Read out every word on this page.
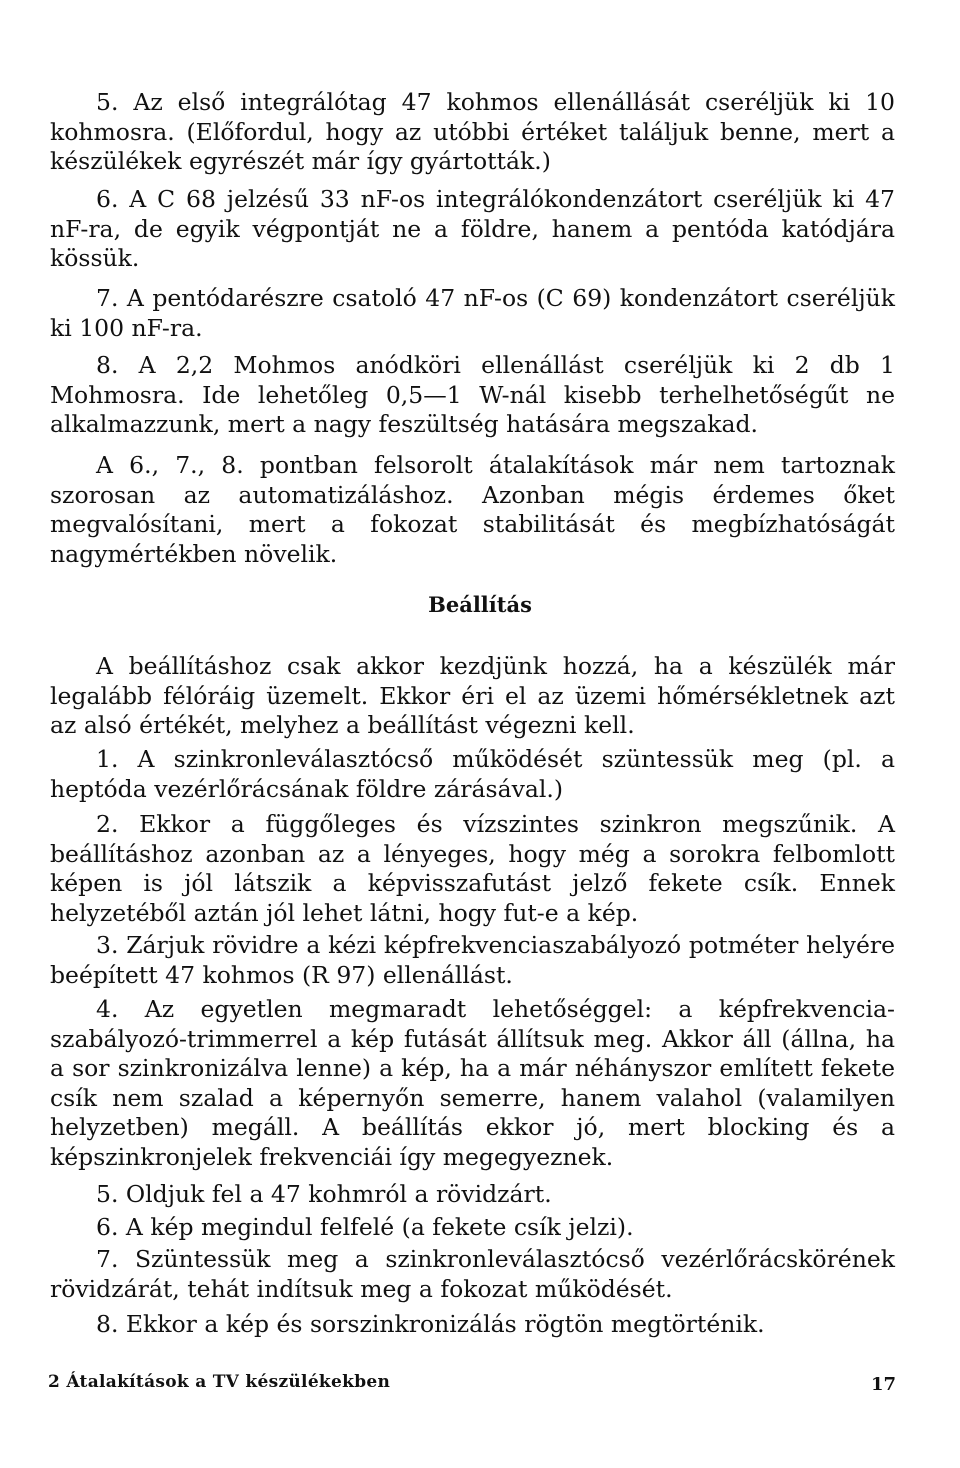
5. Az első integrálótag 47 kohmos ellenállását cseréljük ki 10 kohmosra. (Előfordul, hogy az utóbbi értéket találjuk benne, mert a készülékek egyrészét már így gyártották.)

6. A C 68 jelzésű 33 nF-os integrálókondenzátort cseréljük ki 47 nF-ra, de egyik végpontját ne a földre, hanem a pentóda katódjára kössük.

7. A pentódarészre csatoló 47 nF-os (C 69) kondenzátort cseréljük ki 100 nF-ra.

8. A 2,2 Mohmos anódköri ellenállást cseréljük ki 2 db 1 Mohmosra. Ide lehetőleg 0,5—1 W-nál kisebb terhelhetőségűt ne alkalmazzunk, mert a nagy feszültség hatására megszakad.

A 6., 7., 8. pontban felsorolt átalakítások már nem tartoznak szorosan az automatizáláshoz. Azonban mégis érdemes őket megvalósítani, mert a fokozat stabilitását és megbízhatóságát nagymértékben növelik.

Beállítás

A beállításhoz csak akkor kezdjünk hozzá, ha a készülék már legalább félóráig üzemelt. Ekkor éri el az üzemi hőmérsékletnek azt az alsó értékét, melyhez a beállítást végezni kell.

1. A szinkronleválasztócső működését szüntessük meg (pl. a heptóda vezérlőrácsának földre zárásával.)

2. Ekkor a függőleges és vízszintes szinkron megszűnik. A beállításhoz azonban az a lényeges, hogy még a sorokra felbomlott képen is jól látszik a képvisszafutást jelző fekete csík. Ennek helyzetéből aztán jól lehet látni, hogy fut-e a kép.

3. Zárjuk rövidre a kézi képfrekvenciaszabályozó potméter helyére beépített 47 kohmos (R 97) ellenállást.

4. Az egyetlen megmaradt lehetőséggel: a képfrekvencia-szabályozó-trimmerrel a kép futását állítsuk meg. Akkor áll (állna, ha a sor szinkronizálva lenne) a kép, ha a már néhányszor említett fekete csík nem szalad a képernyőn semerre, hanem valahol (valamilyen helyzetben) megáll. A beállítás ekkor jó, mert blocking és a képszinkronjelek frekvenciái így megegyeznek.

5. Oldjuk fel a 47 kohmról a rövidzárt.

6. A kép megindul felfelé (a fekete csík jelzi).

7. Szüntessük meg a szinkronleválasztócső vezérlőrácskörének rövidzárát, tehát indítsuk meg a fokozat működését.

8. Ekkor a kép és sorszinkronizálás rögtön megtörténik.

2 Átalakítások a TV készülékekben	17
